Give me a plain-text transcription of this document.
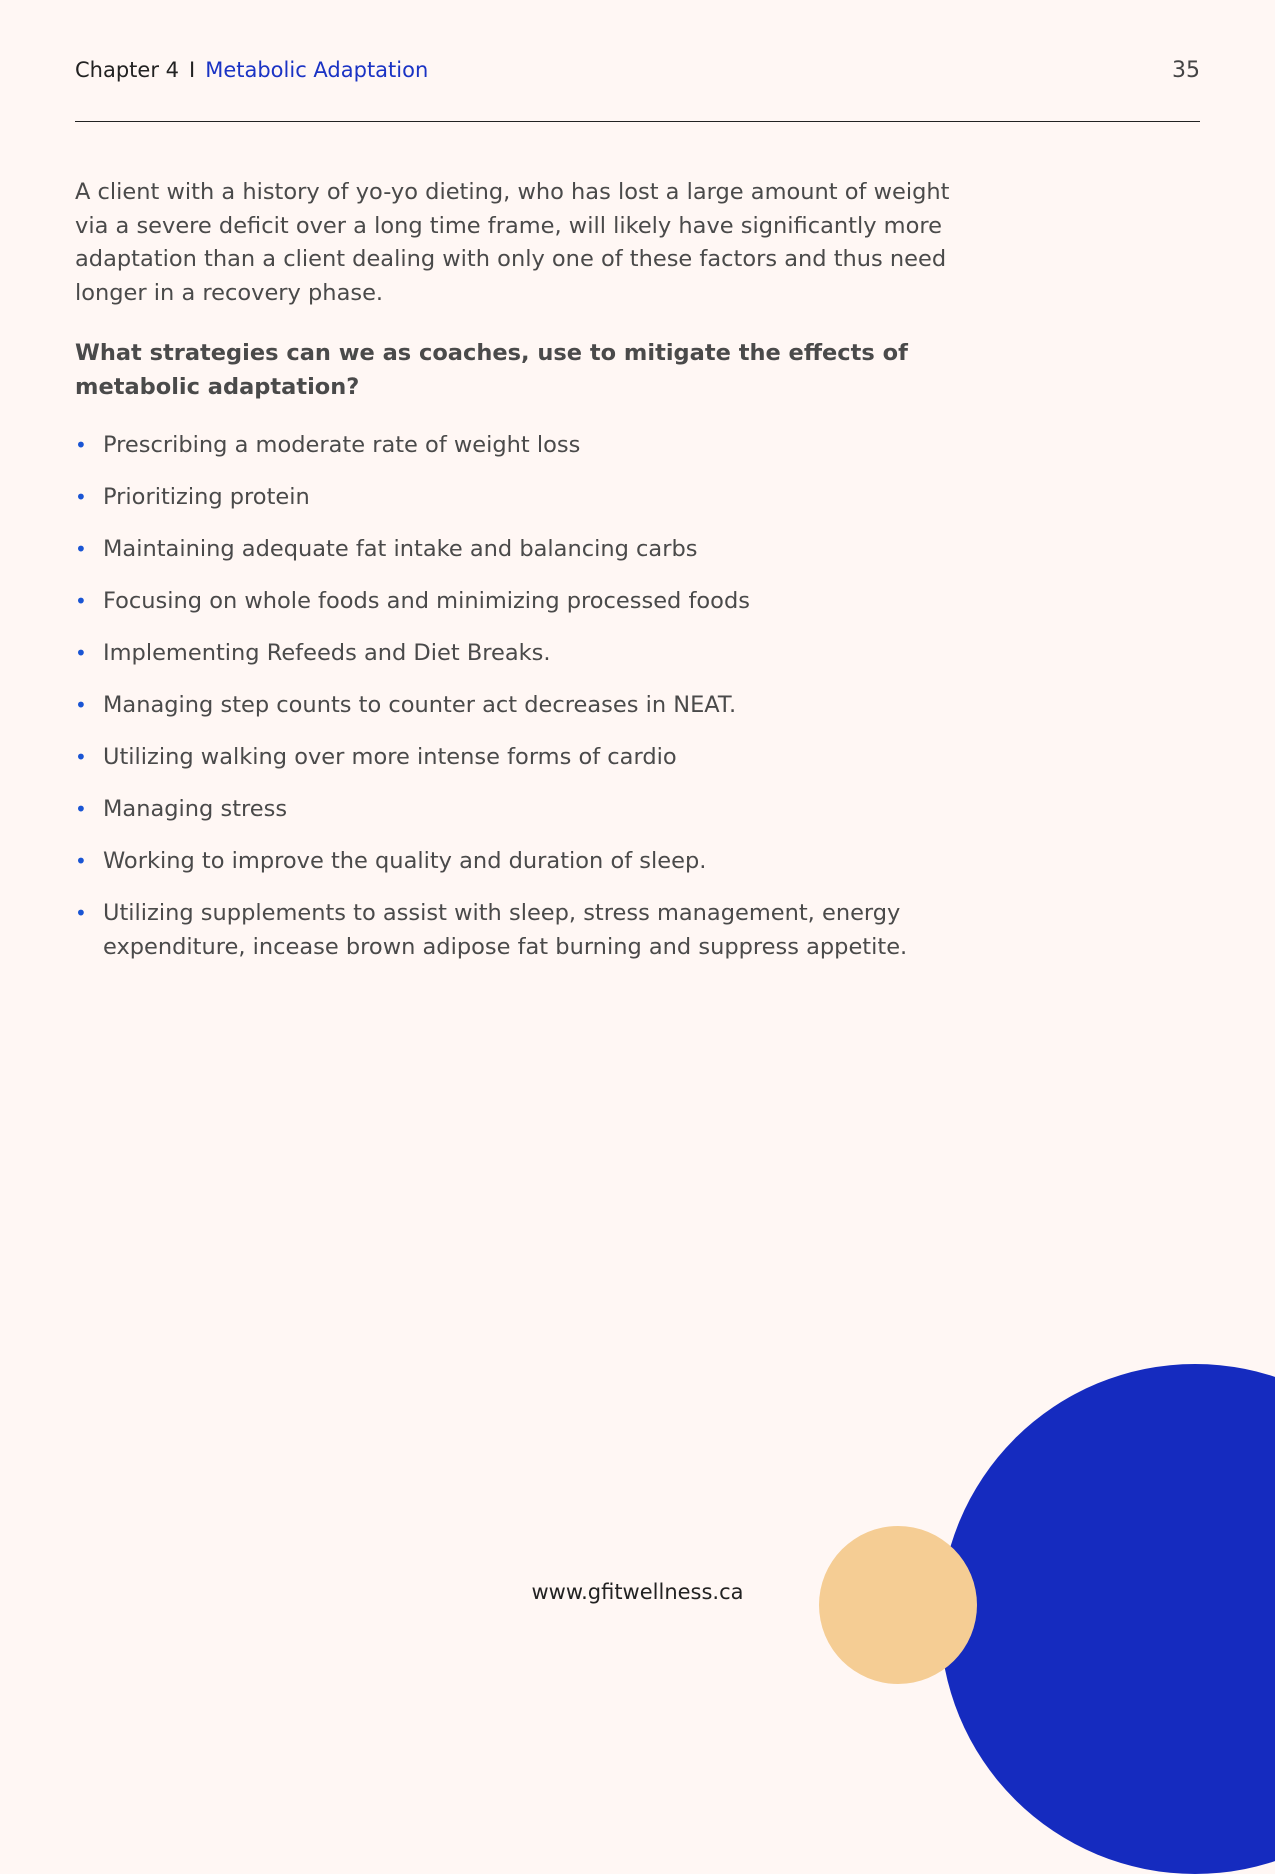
Chapter 4 I Metabolic Adaptation	35

A client with a history of yo-yo dieting, who has lost a large amount of weight via a severe deficit over a long time frame, will likely have significantly more adaptation than a client dealing with only one of these factors and thus need longer in a recovery phase.

What strategies can we as coaches, use to mitigate the effects of metabolic adaptation?

• Prescribing a moderate rate of weight loss
• Prioritizing protein
• Maintaining adequate fat intake and balancing carbs
• Focusing on whole foods and minimizing processed foods
• Implementing Refeeds and Diet Breaks.
• Managing step counts to counter act decreases in NEAT.
• Utilizing walking over more intense forms of cardio
• Managing stress
• Working to improve the quality and duration of sleep.
• Utilizing supplements to assist with sleep, stress management, energy expenditure, incease brown adipose fat burning and suppress appetite.
www.gfitwellness.ca
